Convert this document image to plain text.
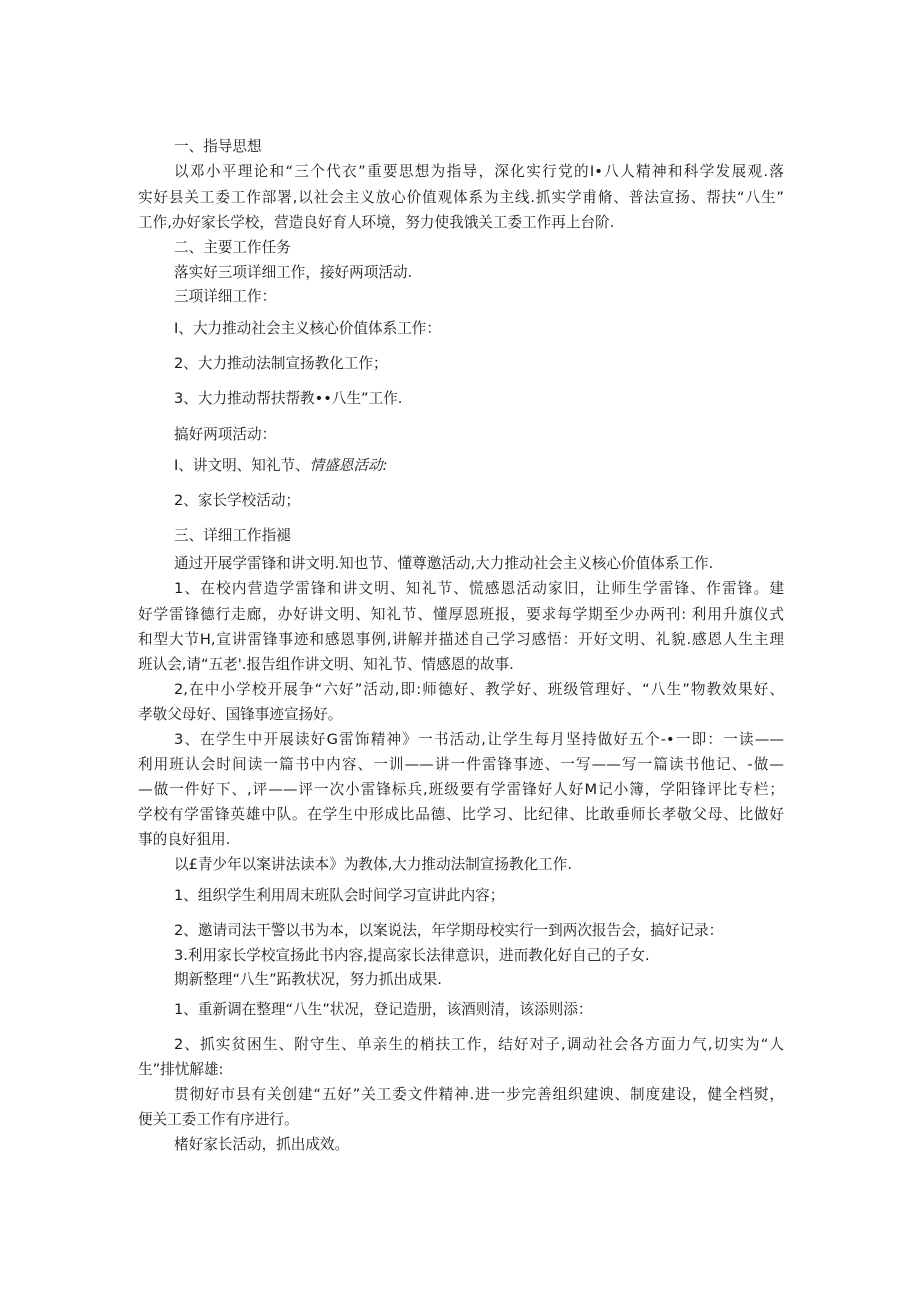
一、指导思想
以邓小平理论和“三个代衣”重要思想为指导，深化实行党的I•八人精神和科学发展观.落
实好县关工委工作部署,以社会主义放心价值观体系为主线.抓实学甫脩、普法宣扬、帮扶“八生”
工作,办好家长学校，营造良好育人环境，努力使我饿关工委工作再上台阶.
二、主要工作任务
落实好三项详细工作，接好两项活动.
三项详细工作：
I、大力推动社会主义核心价值体系工作：
2、大力推动法制宣扬教化工作；
3、大力推动帮扶帮教••八生”工作.
搞好两项活动：
I、讲文明、知礼节、情盛恩活动:
2、家长学校活动；
三、详细工作指褪
通过开展学雷锋和讲文明.知也节、懂尊邀活动,大力推动社会主义核心价值体系工作.
1、在校内营造学雷锋和讲文明、知礼节、慌感恩活动家旧，让师生学雷锋、作雷锋。建
好学雷锋德行走廊，办好讲文明、知礼节、懂厚恩班报，要求每学期至少办两刊: 利用升旗仪式
和型大节H,宣讲雷锋事迹和感恩事例,讲解并描述自己学习感悟：开好文明、礼貌.感恩人生主理
班认会,请“五老'.报告组作讲文明、知礼节、情感恩的故事.
2,在中小学校开展争“六好”活动,即:师德好、教学好、班级管理好、“八生”物教效果好、
孝敬父母好、国锋事迹宣扬好。
3、在学生中开展读好G雷饰精神》一书活动,让学生每月坚持做好五个-•一即：一读——
利用班认会时间读一篇书中内容、一训——讲一件雷锋事迹、一写——写一篇读书他记、-做—
—做一件好下、,评——评一次小雷锋标兵,班级要有学雷锋好人好M记小簿，学阳锋评比专栏；
学校有学雷锋英雄中队。在学生中形成比品德、比学习、比纪律、比敢垂师长孝敬父母、比做好
事的良好狙用.
以£青少年以案讲法读本》为教体,大力推动法制宣扬教化工作.
1、组织学生利用周末班队会时间学习宣讲此内容；
2、邀请司法干警以书为本，以案说法，年学期母校实行一到两次报告会，搞好记录：
3.利用家长学校宣扬此书内容,提高家长法律意识，进而教化好自己的子女.
期新整理“八生”跖教状况，努力抓出成果.
1、重新调在整理“八生”状况，登记造册，该酒则清，该添则添：
2、抓实贫困生、附守生、单亲生的梢扶工作，结好对子,调动社会各方面力气,切实为“人
生”排忧解雄:
贯彻好市县有关创建“五好”关工委文件精神.进一步完善组织建谀、制度建设，健全档熨，
便关工委工作有序进行。
楮好家长活动，抓出成效。
